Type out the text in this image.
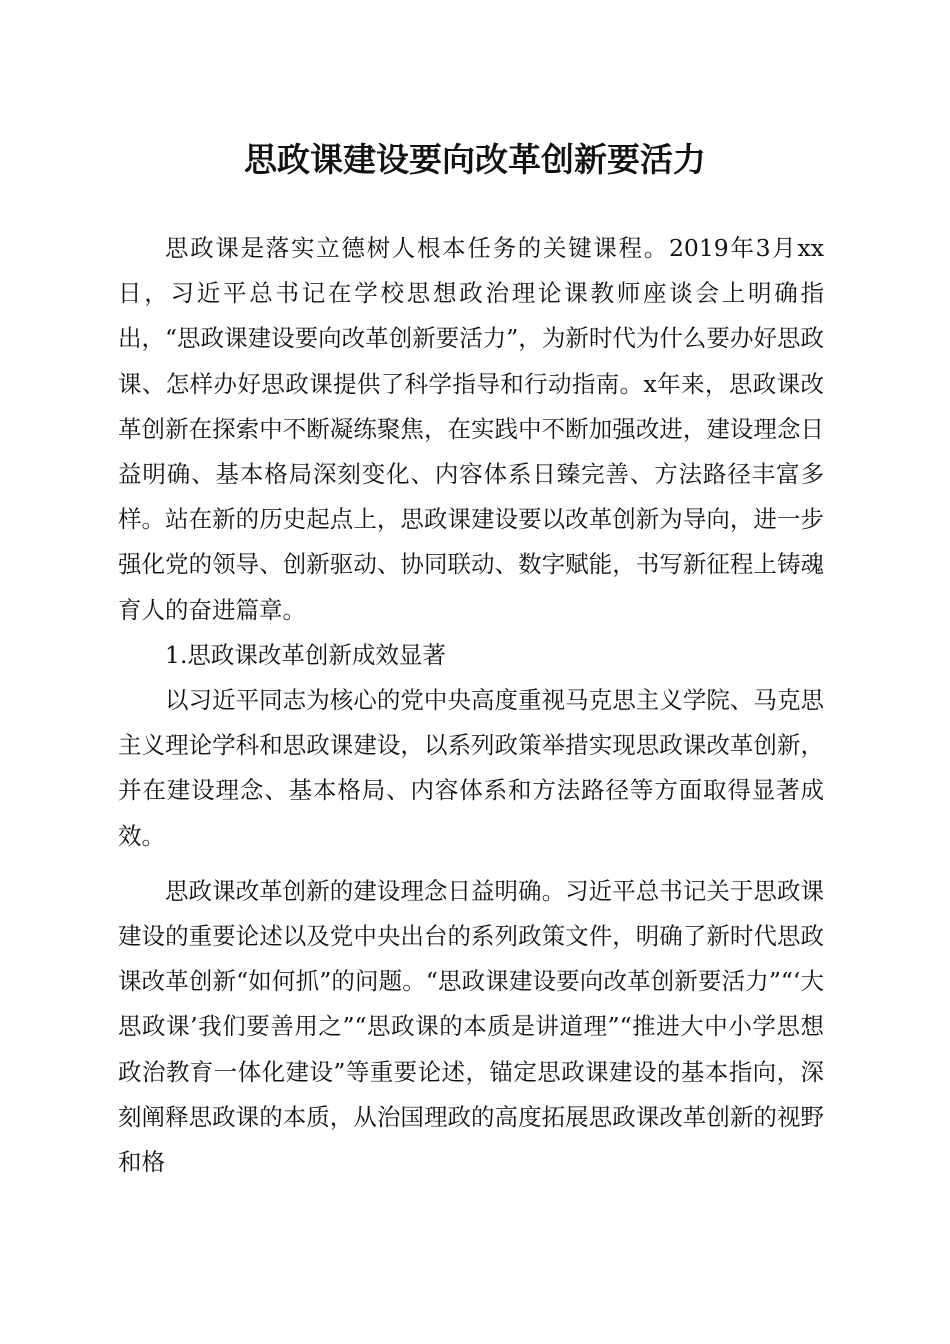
思政课建设要向改革创新要活力

思政课是落实立德树人根本任务的关键课程。2019年3月xx日，习近平总书记在学校思想政治理论课教师座谈会上明确指出，“思政课建设要向改革创新要活力”，为新时代为什么要办好思政课、怎样办好思政课提供了科学指导和行动指南。x年来，思政课改革创新在探索中不断凝练聚焦，在实践中不断加强改进，建设理念日益明确、基本格局深刻变化、内容体系日臻完善、方法路径丰富多样。站在新的历史起点上，思政课建设要以改革创新为导向，进一步强化党的领导、创新驱动、协同联动、数字赋能，书写新征程上铸魂育人的奋进篇章。

1.思政课改革创新成效显著

以习近平同志为核心的党中央高度重视马克思主义学院、马克思主义理论学科和思政课建设，以系列政策举措实现思政课改革创新，并在建设理念、基本格局、内容体系和方法路径等方面取得显著成效。

思政课改革创新的建设理念日益明确。习近平总书记关于思政课建设的重要论述以及党中央出台的系列政策文件，明确了新时代思政课改革创新“如何抓”的问题。“思政课建设要向改革创新要活力”“‘大思政课’我们要善用之”“思政课的本质是讲道理”“推进大中小学思想政治教育一体化建设”等重要论述，锚定思政课建设的基本指向，深刻阐释思政课的本质，从治国理政的高度拓展思政课改革创新的视野和格
